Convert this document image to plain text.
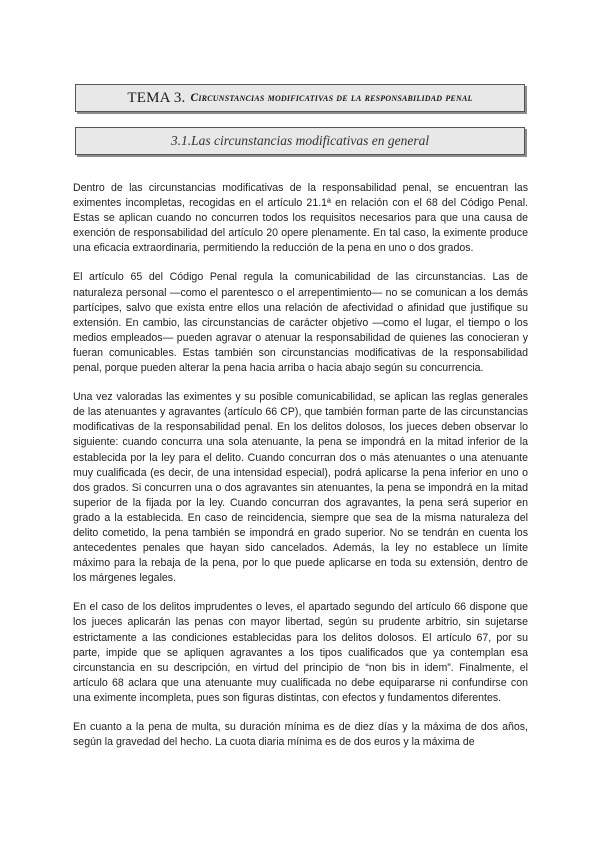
TEMA 3. Circunstancias modificativas de la responsabilidad penal
3.1.Las circunstancias modificativas en general

Dentro de las circunstancias modificativas de la responsabilidad penal, se encuentran las eximentes incompletas, recogidas en el artículo 21.1ª en relación con el 68 del Código Penal. Estas se aplican cuando no concurren todos los requisitos necesarios para que una causa de exención de responsabilidad del artículo 20 opere plenamente. En tal caso, la eximente produce una eficacia extraordinaria, permitiendo la reducción de la pena en uno o dos grados.

El artículo 65 del Código Penal regula la comunicabilidad de las circunstancias. Las de naturaleza personal —como el parentesco o el arrepentimiento— no se comunican a los demás partícipes, salvo que exista entre ellos una relación de afectividad o afinidad que justifique su extensión. En cambio, las circunstancias de carácter objetivo —como el lugar, el tiempo o los medios empleados— pueden agravar o atenuar la responsabilidad de quienes las conocieran y fueran comunicables. Estas también son circunstancias modificativas de la responsabilidad penal, porque pueden alterar la pena hacia arriba o hacia abajo según su concurrencia.

Una vez valoradas las eximentes y su posible comunicabilidad, se aplican las reglas generales de las atenuantes y agravantes (artículo 66 CP), que también forman parte de las circunstancias modificativas de la responsabilidad penal. En los delitos dolosos, los jueces deben observar lo siguiente: cuando concurra una sola atenuante, la pena se impondrá en la mitad inferior de la establecida por la ley para el delito. Cuando concurran dos o más atenuantes o una atenuante muy cualificada (es decir, de una intensidad especial), podrá aplicarse la pena inferior en uno o dos grados. Si concurren una o dos agravantes sin atenuantes, la pena se impondrá en la mitad superior de la fijada por la ley. Cuando concurran dos agravantes, la pena será superior en grado a la establecida. En caso de reincidencia, siempre que sea de la misma naturaleza del delito cometido, la pena también se impondrá en grado superior. No se tendrán en cuenta los antecedentes penales que hayan sido cancelados. Además, la ley no establece un límite máximo para la rebaja de la pena, por lo que puede aplicarse en toda su extensión, dentro de los márgenes legales.

En el caso de los delitos imprudentes o leves, el apartado segundo del artículo 66 dispone que los jueces aplicarán las penas con mayor libertad, según su prudente arbitrio, sin sujetarse estrictamente a las condiciones establecidas para los delitos dolosos. El artículo 67, por su parte, impide que se apliquen agravantes a los tipos cualificados que ya contemplan esa circunstancia en su descripción, en virtud del principio de “non bis in idem”. Finalmente, el artículo 68 aclara que una atenuante muy cualificada no debe equipararse ni confundirse con una eximente incompleta, pues son figuras distintas, con efectos y fundamentos diferentes.

En cuanto a la pena de multa, su duración mínima es de diez días y la máxima de dos años, según la gravedad del hecho. La cuota diaria mínima es de dos euros y la máxima de
